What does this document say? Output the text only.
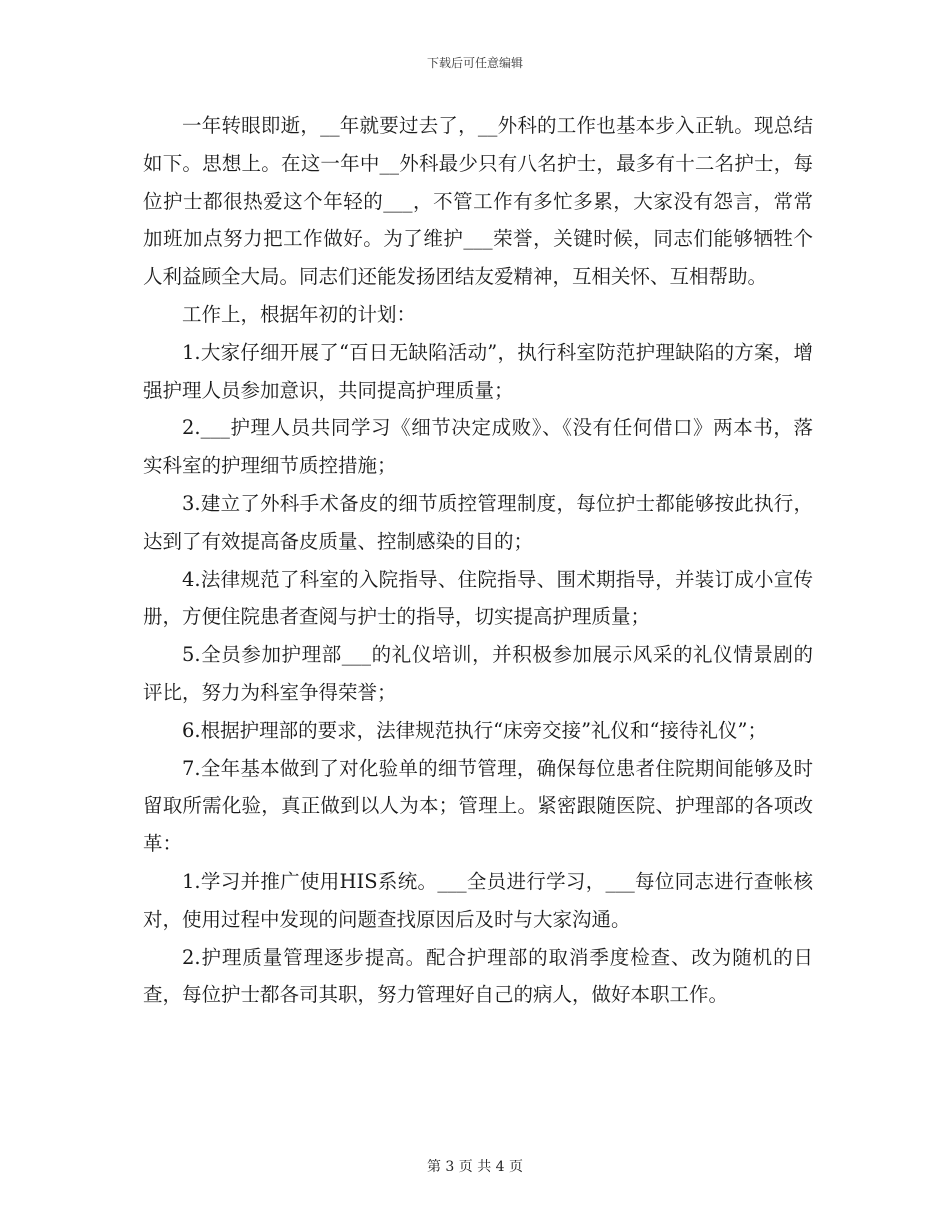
下载后可任意编辑

一年转眼即逝，__年就要过去了，__外科的工作也基本步入正轨。现总结如下。思想上。在这一年中__外科最少只有八名护士，最多有十二名护士，每位护士都很热爱这个年轻的___，不管工作有多忙多累，大家没有怨言，常常加班加点努力把工作做好。为了维护___荣誉，关键时候，同志们能够牺牲个人利益顾全大局。同志们还能发扬团结友爱精神，互相关怀、互相帮助。

工作上，根据年初的计划：

1.大家仔细开展了“百日无缺陷活动”，执行科室防范护理缺陷的方案，增强护理人员参加意识，共同提高护理质量；

2.___护理人员共同学习《细节决定成败》、《没有任何借口》两本书，落实科室的护理细节质控措施；

3.建立了外科手术备皮的细节质控管理制度，每位护士都能够按此执行，达到了有效提高备皮质量、控制感染的目的；

4.法律规范了科室的入院指导、住院指导、围术期指导，并装订成小宣传册，方便住院患者查阅与护士的指导，切实提高护理质量；

5.全员参加护理部___的礼仪培训，并积极参加展示风采的礼仪情景剧的评比，努力为科室争得荣誉；

6.根据护理部的要求，法律规范执行“床旁交接”礼仪和“接待礼仪”；

7.全年基本做到了对化验单的细节管理，确保每位患者住院期间能够及时留取所需化验，真正做到以人为本；管理上。紧密跟随医院、护理部的各项改革：

1.学习并推广使用HIS系统。___全员进行学习，___每位同志进行查帐核对，使用过程中发现的问题查找原因后及时与大家沟通。

2.护理质量管理逐步提高。配合护理部的取消季度检查、改为随机的日查，每位护士都各司其职，努力管理好自己的病人，做好本职工作。

第 3 页 共 4 页
